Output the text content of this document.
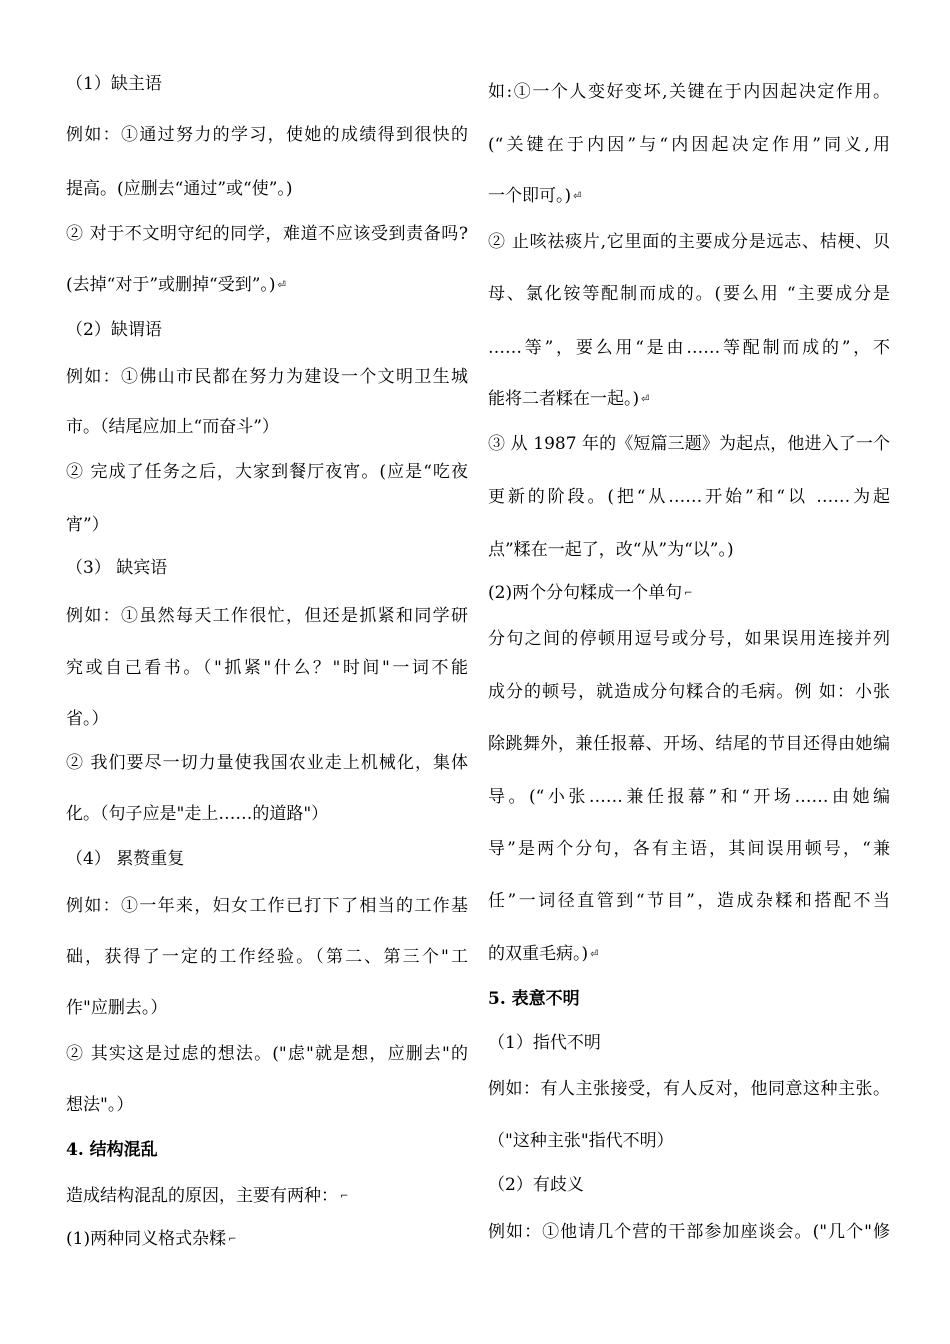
（1）缺主语
例如：①通过努力的学习，使她的成绩得到很快的
提高。(应删去“通过”或“使”。)
② 对于不文明守纪的同学，难道不应该受到责备吗?
(去掉“对于”或删掉“受到”。) ⏎
（2）缺谓语
例如：①佛山市民都在努力为建设一个文明卫生城
市。（结尾应加上“而奋斗”）
② 完成了任务之后，大家到餐厅夜宵。(应是“吃夜
宵”）
（3） 缺宾语
例如：①虽然每天工作很忙，但还是抓紧和同学研
究或自己看书。（"抓紧"什么？"时间"一词不能
省。）
② 我们要尽一切力量使我国农业走上机械化，集体
化。（句子应是"走上……的道路"）
（4） 累赘重复
例如：①一年来，妇女工作已打下了相当的工作基
础，获得了一定的工作经验。（第二、第三个"工
作"应删去。）
② 其实这是过虑的想法。("虑"就是想，应删去"的
想法"。）
4. 结构混乱
造成结构混乱的原因，主要有两种： ⌐
(1)两种同义格式杂糅 ⌐
如:①一个人变好变坏,关键在于内因起决定作用。
(“关键在于内因”与“内因起决定作用”同义,用
一个即可。) ⏎
② 止咳祛痰片,它里面的主要成分是远志、桔梗、贝
母、氯化铵等配制而成的。(要么用 “主要成分是
……等”，要么用“是由……等配制而成的”，不
能将二者糅在一起。) ⏎
③ 从 1987 年的《短篇三题》为起点，他进入了一个
更新的阶段。(把“从……开始”和“以 ……为起
点”糅在一起了，改“从”为“以”。)
(2)两个分句糅成一个单句 ⌐
分句之间的停顿用逗号或分号，如果误用连接并列
成分的顿号，就造成分句糅合的毛病。例 如：小张
除跳舞外，兼任报幕、开场、结尾的节目还得由她编
导。(“小张……兼任报幕”和“开场……由她编
导”是两个分句，各有主语，其间误用顿号，“兼
任”一词径直管到“节目”，造成杂糅和搭配不当
的双重毛病。) ⏎
5. 表意不明
（1）指代不明
例如：有人主张接受，有人反对，他同意这种主张。
（"这种主张"指代不明）
（2）有歧义
例如：①他请几个营的干部参加座谈会。("几个"修
